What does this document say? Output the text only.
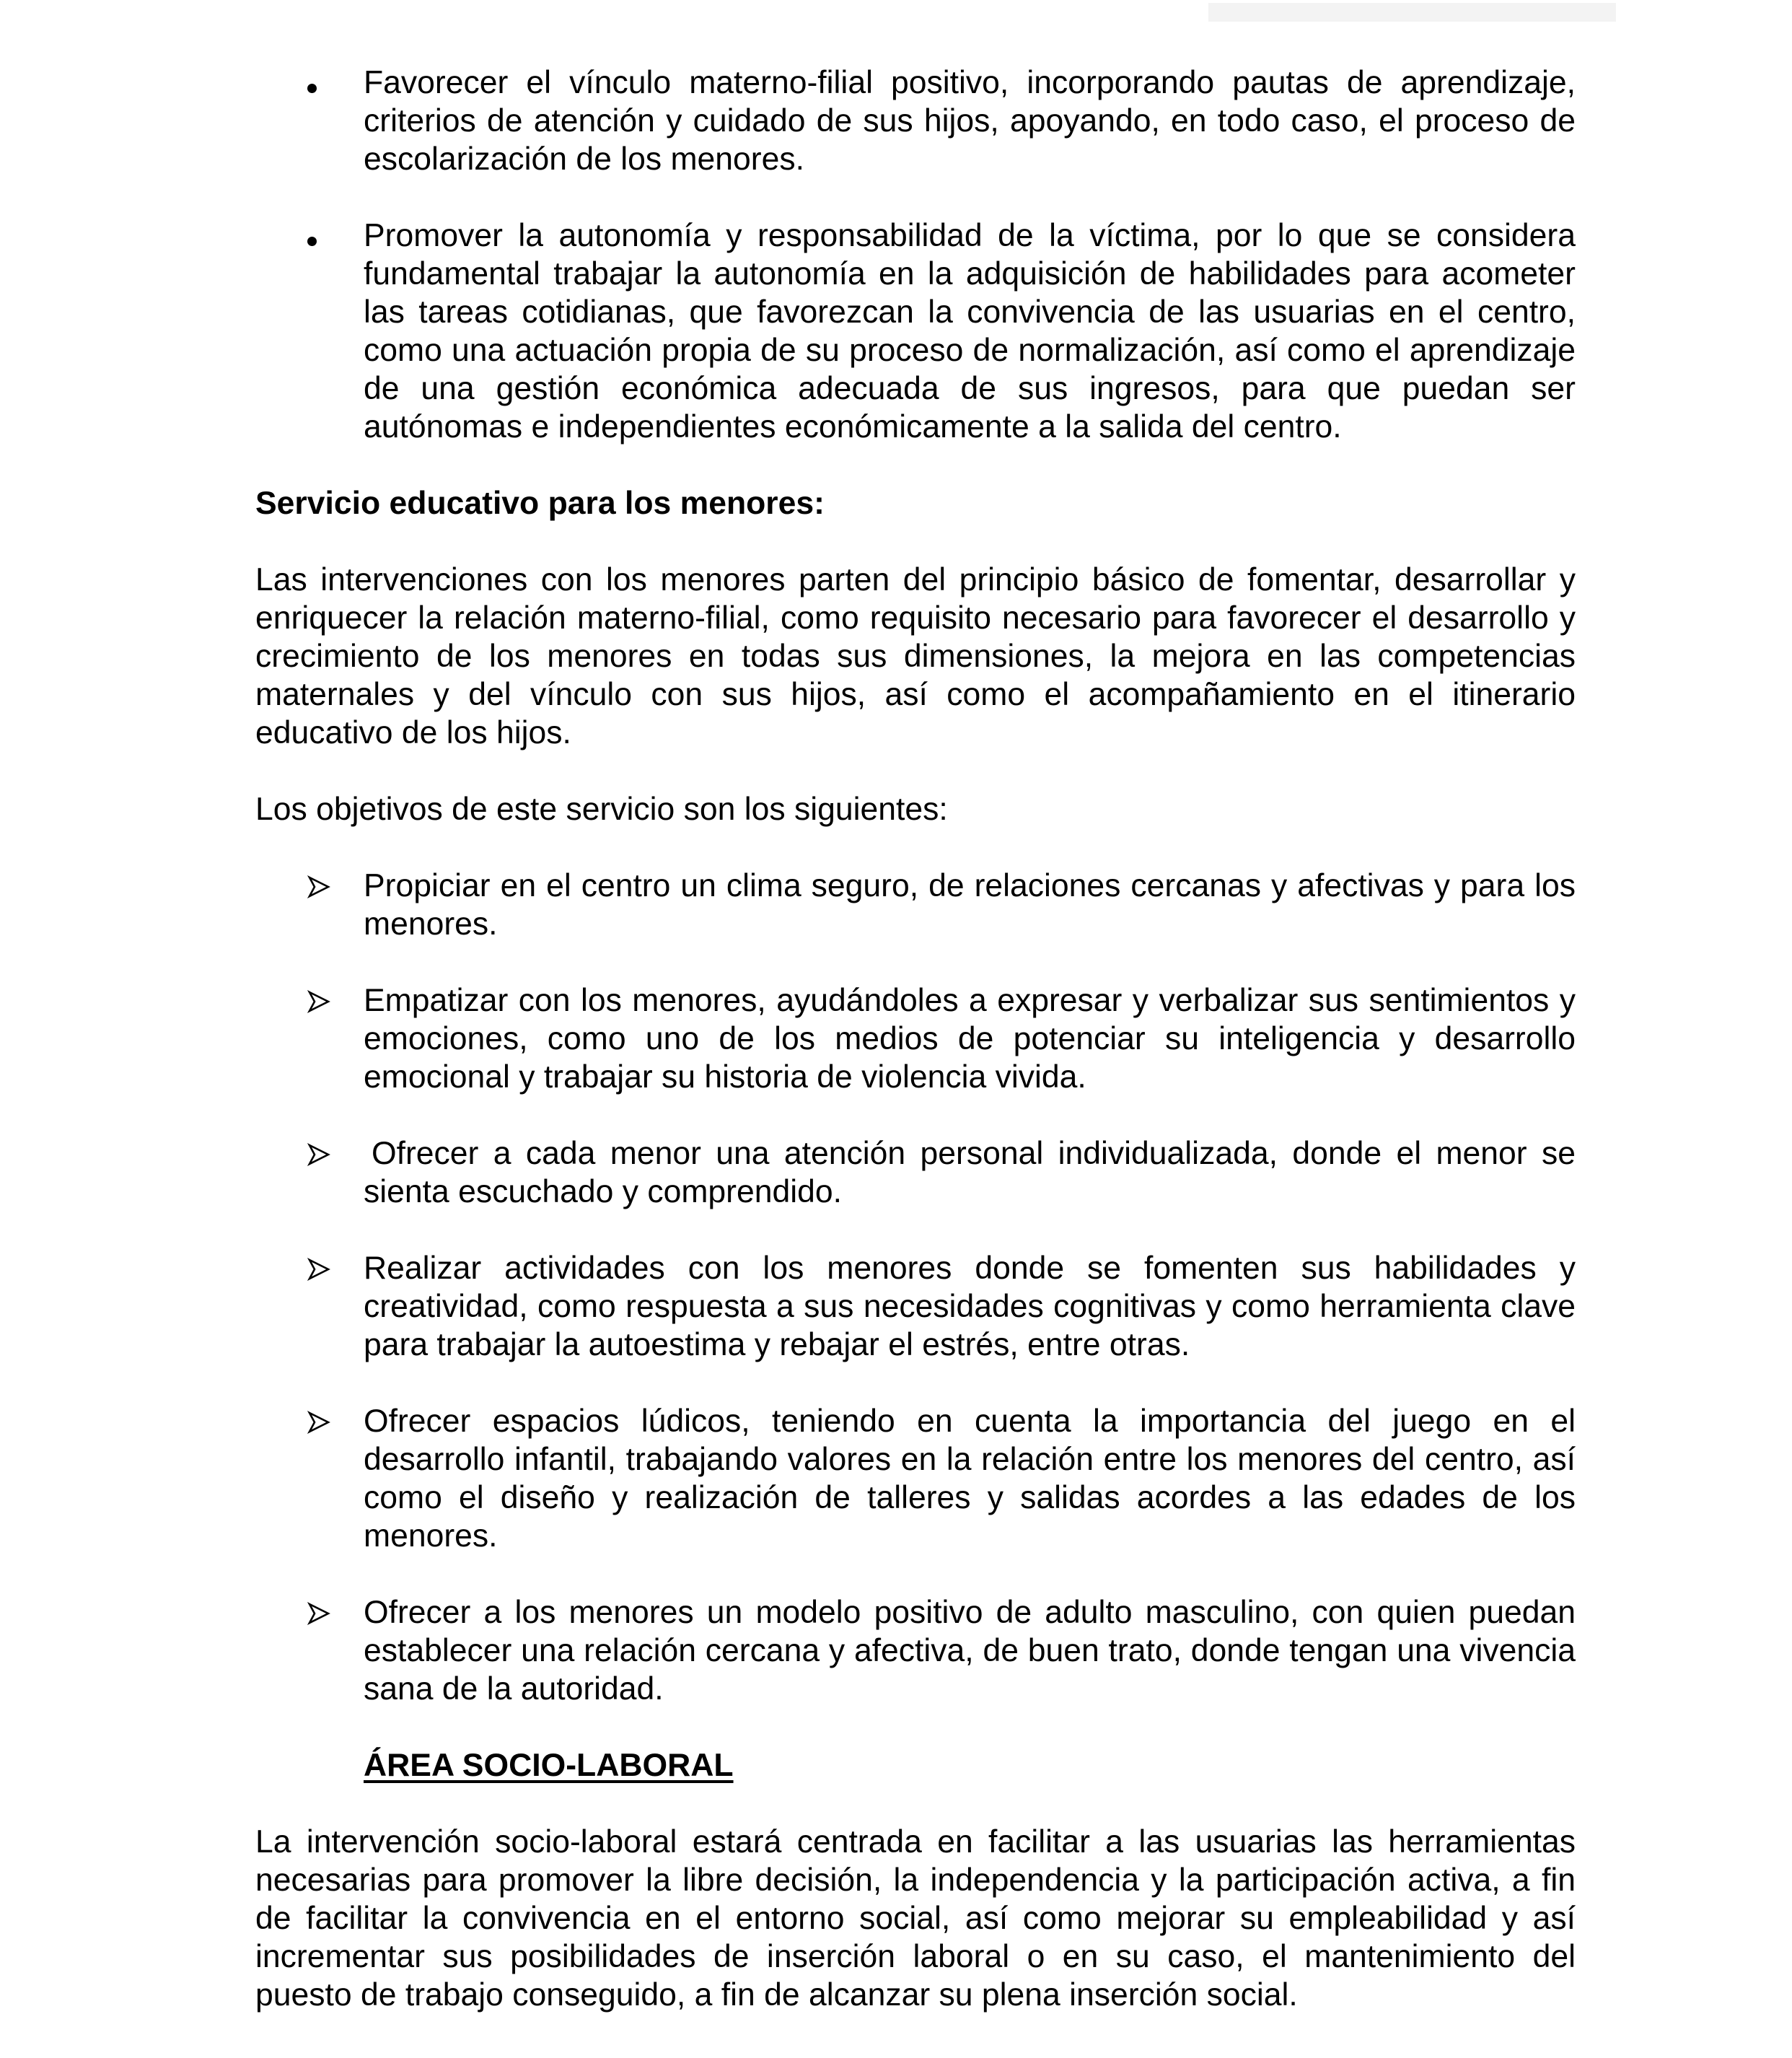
Favorecer el vínculo materno-filial positivo, incorporando pautas de aprendizaje, criterios de atención y cuidado de sus hijos, apoyando, en todo caso, el proceso de escolarización de los menores.
Promover la autonomía y responsabilidad de la víctima, por lo que se considera fundamental trabajar la autonomía en la adquisición de habilidades para acometer las tareas cotidianas, que favorezcan la convivencia de las usuarias en el centro, como una actuación propia de su proceso de normalización, así como el aprendizaje de una gestión económica adecuada de sus ingresos, para que puedan ser autónomas e independientes económicamente a la salida del centro.
Servicio educativo para los menores:
Las intervenciones con los menores parten del principio básico de fomentar, desarrollar y enriquecer la relación materno-filial, como requisito necesario para favorecer el desarrollo y crecimiento de los menores en todas sus dimensiones, la mejora en las competencias maternales y del vínculo con sus hijos, así como el acompañamiento en el itinerario educativo de los hijos.
Los objetivos de este servicio son los siguientes:
Propiciar en el centro un clima seguro, de relaciones cercanas y afectivas y para los menores.
Empatizar con los menores, ayudándoles a expresar y verbalizar sus sentimientos y emociones, como uno de los medios de potenciar su inteligencia y desarrollo emocional y trabajar su historia de violencia vivida.
Ofrecer a cada menor una atención personal individualizada, donde el menor se sienta escuchado y comprendido.
Realizar actividades con los menores donde se fomenten sus habilidades y creatividad, como respuesta a sus necesidades cognitivas y como herramienta clave para trabajar la autoestima y rebajar el estrés, entre otras.
Ofrecer espacios lúdicos, teniendo en cuenta la importancia del juego en el desarrollo infantil, trabajando valores en la relación entre los menores del centro, así como el diseño y realización de talleres y salidas acordes a las edades de los menores.
Ofrecer a los menores un modelo positivo de adulto masculino, con quien puedan establecer una relación cercana y afectiva, de buen trato, donde tengan una vivencia sana de la autoridad.
ÁREA SOCIO-LABORAL
La intervención socio-laboral estará centrada en facilitar a las usuarias las herramientas necesarias para promover la libre decisión, la independencia y la participación activa, a fin de facilitar la convivencia en el entorno social, así como mejorar su empleabilidad y así incrementar sus posibilidades de inserción laboral o en su caso, el mantenimiento del puesto de trabajo conseguido, a fin de alcanzar su plena inserción social.
